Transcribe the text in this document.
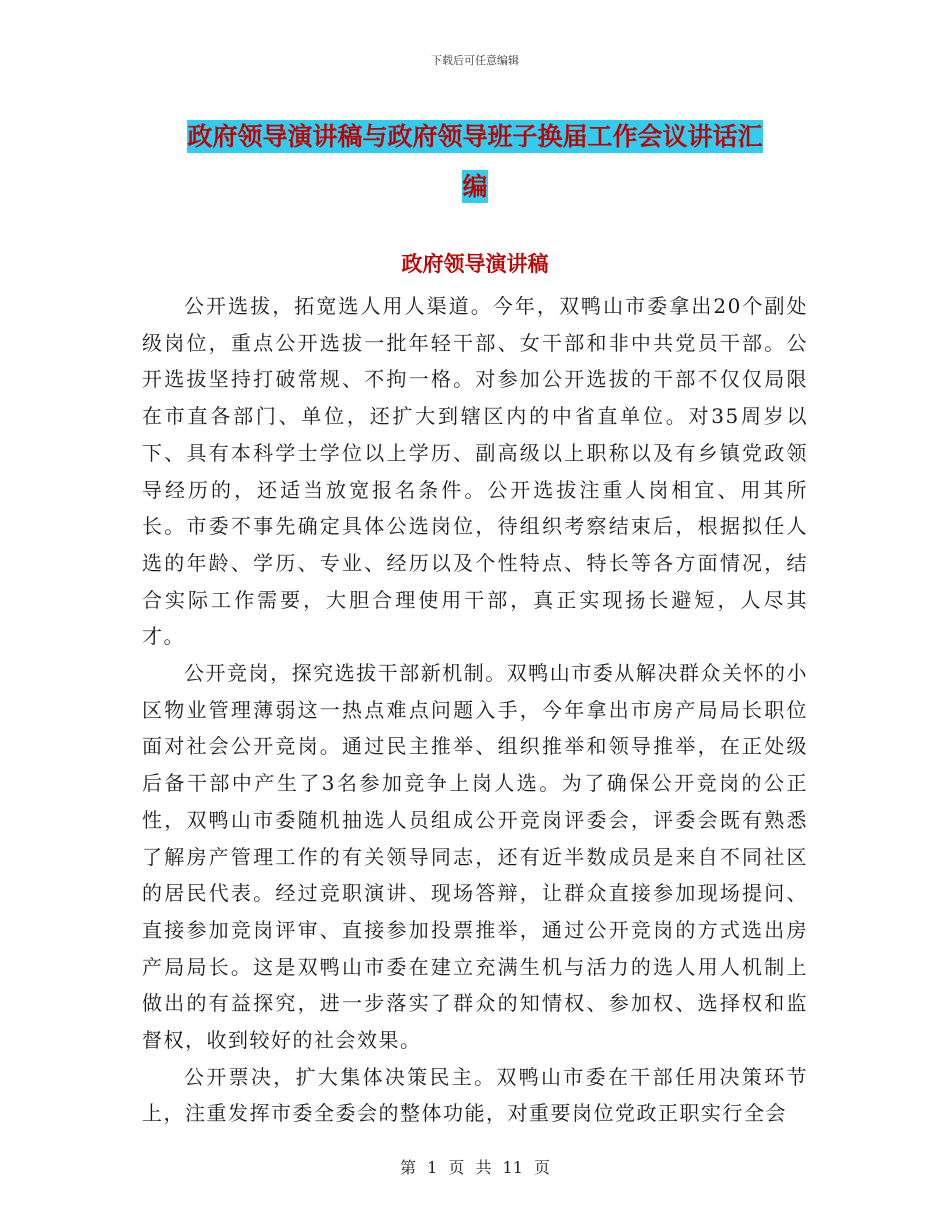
下载后可任意编辑
政府领导演讲稿与政府领导班子换届工作会议讲话汇
编
政府领导演讲稿

公开选拔，拓宽选人用人渠道。今年，双鸭山市委拿出20个副处级岗位，重点公开选拔一批年轻干部、女干部和非中共党员干部。公开选拔坚持打破常规、不拘一格。对参加公开选拔的干部不仅仅局限在市直各部门、单位，还扩大到辖区内的中省直单位。对35周岁以下、具有本科学士学位以上学历、副高级以上职称以及有乡镇党政领导经历的，还适当放宽报名条件。公开选拔注重人岗相宜、用其所长。市委不事先确定具体公选岗位，待组织考察结束后，根据拟任人选的年龄、学历、专业、经历以及个性特点、特长等各方面情况，结合实际工作需要，大胆合理使用干部，真正实现扬长避短，人尽其才。

公开竞岗，探究选拔干部新机制。双鸭山市委从解决群众关怀的小区物业管理薄弱这一热点难点问题入手，今年拿出市房产局局长职位面对社会公开竞岗。通过民主推举、组织推举和领导推举，在正处级后备干部中产生了3名参加竞争上岗人选。为了确保公开竞岗的公正性，双鸭山市委随机抽选人员组成公开竞岗评委会，评委会既有熟悉了解房产管理工作的有关领导同志，还有近半数成员是来自不同社区的居民代表。经过竞职演讲、现场答辩，让群众直接参加现场提问、直接参加竞岗评审、直接参加投票推举，通过公开竞岗的方式选出房产局局长。这是双鸭山市委在建立充满生机与活力的选人用人机制上做出的有益探究，进一步落实了群众的知情权、参加权、选择权和监督权，收到较好的社会效果。

公开票决，扩大集体决策民主。双鸭山市委在干部任用决策环节上，注重发挥市委全委会的整体功能，对重要岗位党政正职实行全会

第 1 页 共 11 页
